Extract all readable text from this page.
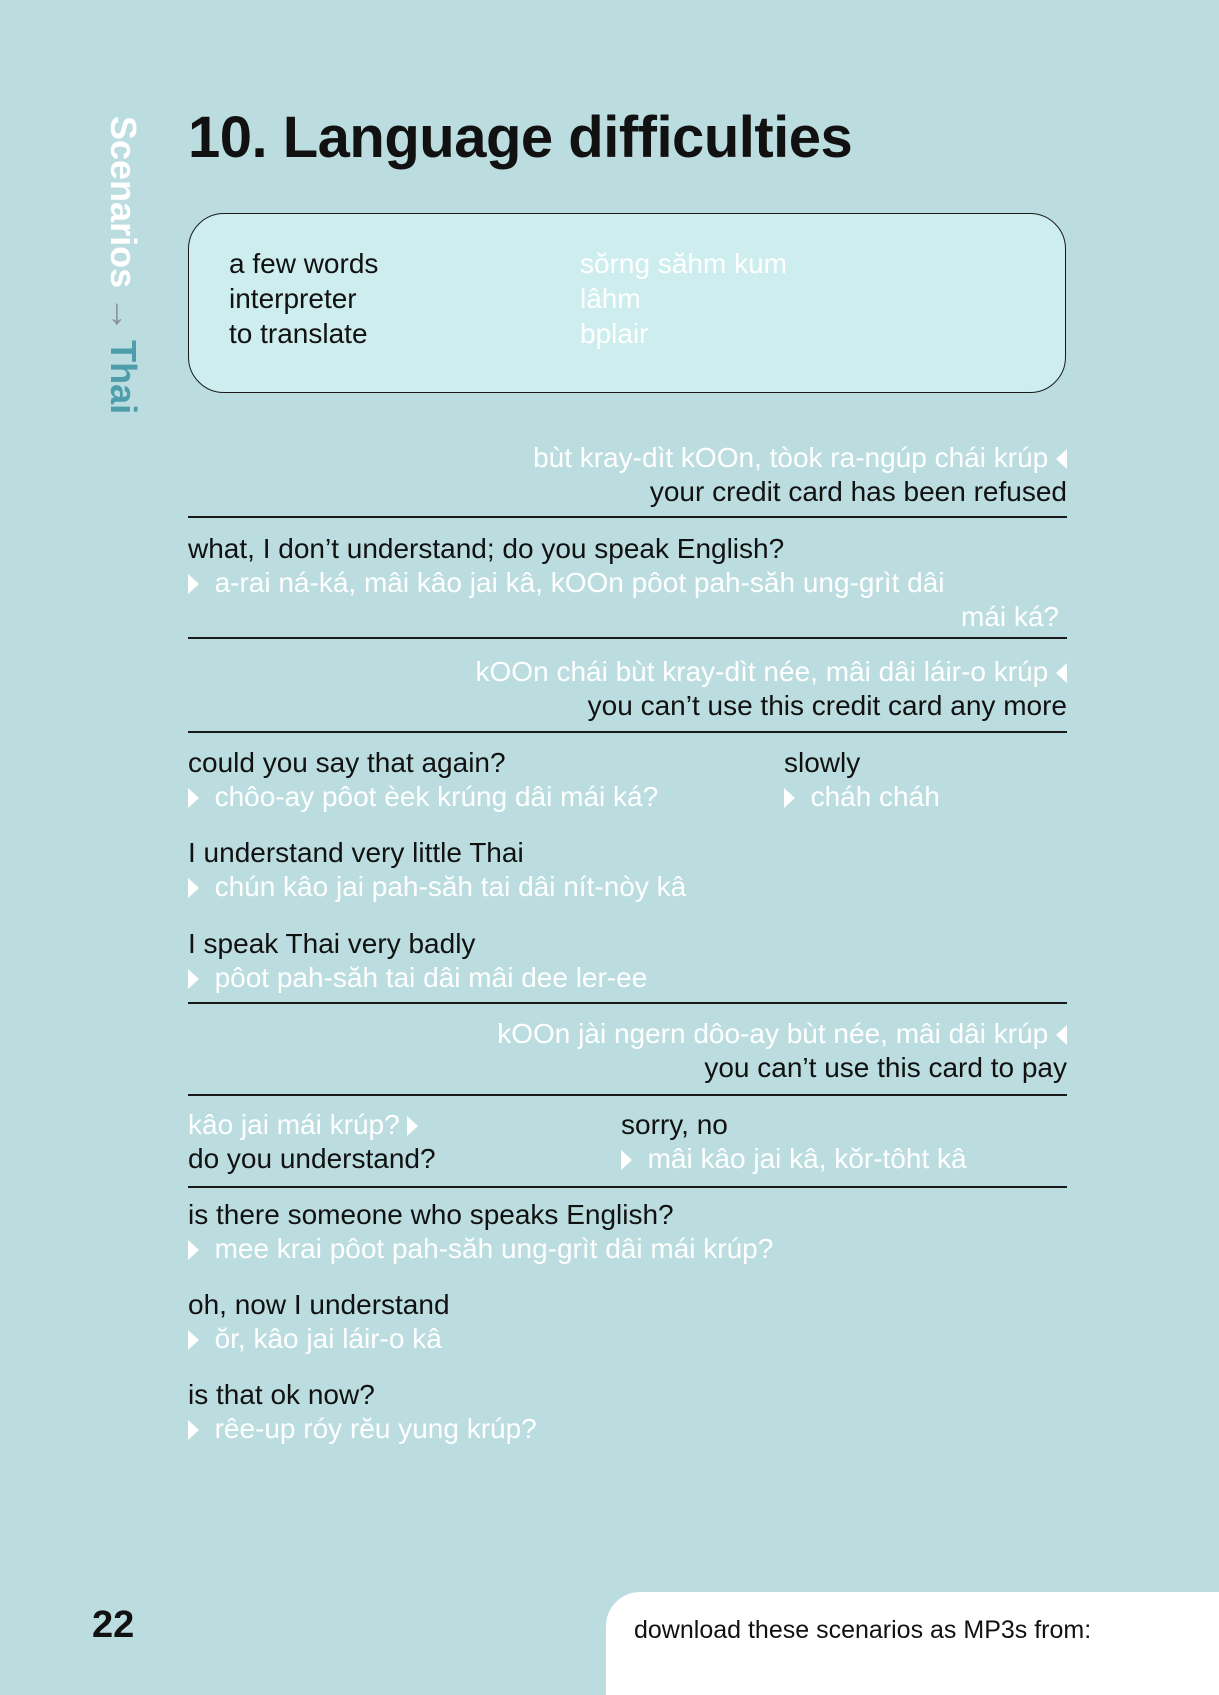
Scenarios→Thai
10. Language difficulties
a few words	sŏrng săhm kum
interpreter	lâhm
to translate	bplair
bùt kray-dìt kOOn, tòok ra-ngúp chái krúp
your credit card has been refused
what, I don’t understand; do you speak English?
a-rai ná-ká, mâi kâo jai kâ, kOOn pôot pah-săh ung-grìt dâi
mái ká?
kOOn chái bùt kray-dìt née, mâi dâi láir-o krúp
you can’t use this credit card any more
could you say that again?
chôo-ay pôot èek krúng dâi mái ká?
slowly
cháh cháh
I understand very little Thai
chún kâo jai pah-săh tai dâi nít-nòy kâ
I speak Thai very badly
pôot pah-săh tai dâi mâi dee ler-ee
kOOn jài ngern dôo-ay bùt née, mâi dâi krúp
you can’t use this card to pay
kâo jai mái krúp?
do you understand?
sorry, no
mâi kâo jai kâ, kŏr-tôht kâ
is there someone who speaks English?
mee krai pôot pah-săh ung-grìt dâi mái krúp?
oh, now I understand
ŏr, kâo jai láir-o kâ
is that ok now?
rêe-up róy rĕu yung krúp?
22	download these scenarios as MP3s from:
